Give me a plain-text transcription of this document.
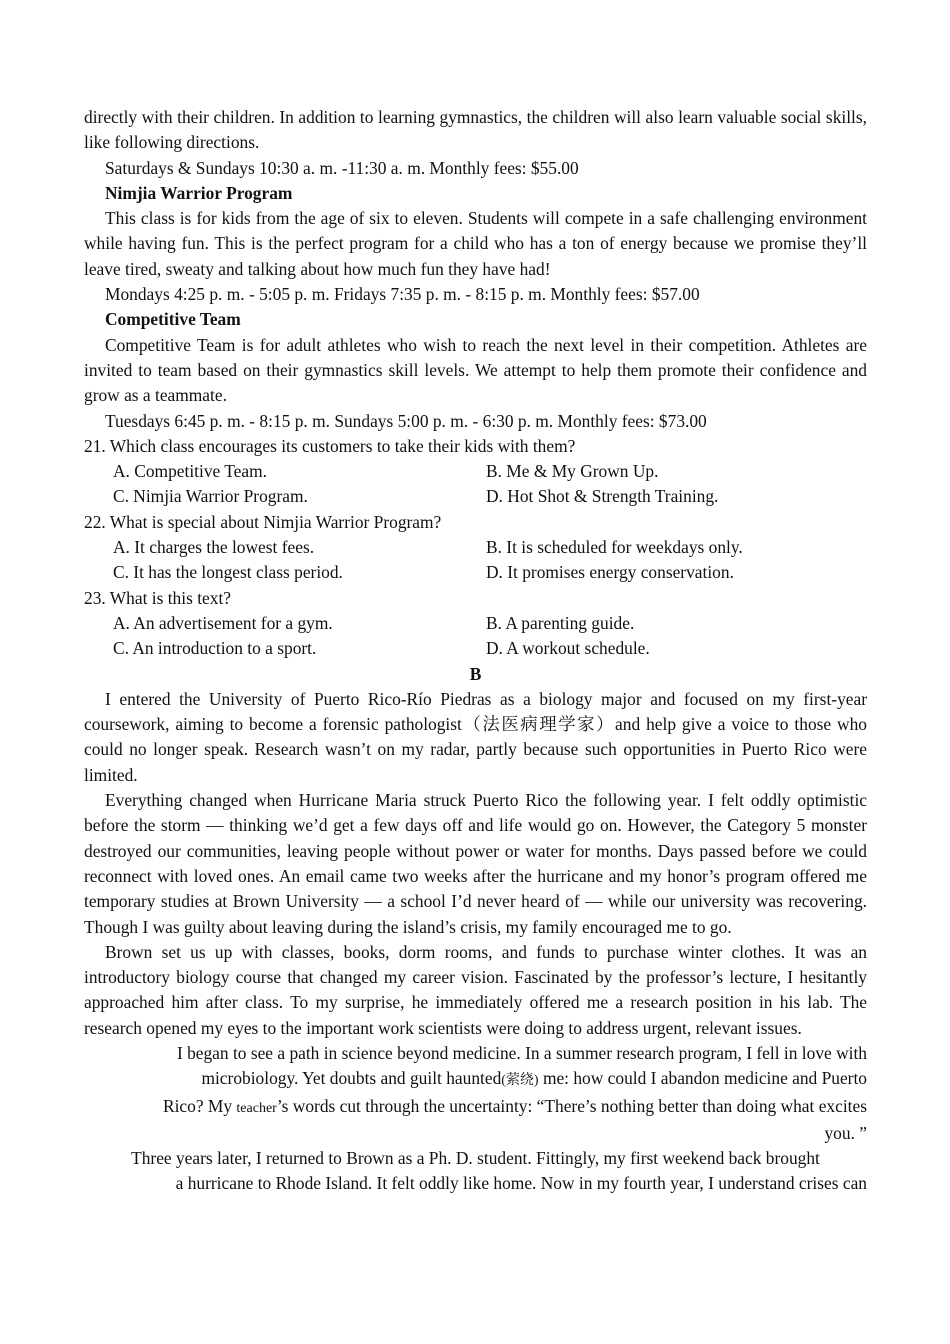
directly with their children. In addition to learning gymnastics, the children will also learn valuable social skills, like following directions.

Saturdays & Sundays 10:30 a. m. -11:30 a. m. Monthly fees: $55.00

Nimjia Warrior Program

This class is for kids from the age of six to eleven. Students will compete in a safe challenging environment while having fun. This is the perfect program for a child who has a ton of energy because we promise they’ll leave tired, sweaty and talking about how much fun they have had!

Mondays 4:25 p. m. - 5:05 p. m. Fridays 7:35 p. m. - 8:15 p. m. Monthly fees: $57.00

Competitive Team

Competitive Team is for adult athletes who wish to reach the next level in their competition. Athletes are invited to team based on their gymnastics skill levels. We attempt to help them promote their confidence and grow as a teammate.

Tuesdays 6:45 p. m. - 8:15 p. m. Sundays 5:00 p. m. - 6:30 p. m. Monthly fees: $73.00

21. Which class encourages its customers to take their kids with them?

A. Competitive Team.	B. Me & My Grown Up.
C. Nimjia Warrior Program.	D. Hot Shot & Strength Training.

22. What is special about Nimjia Warrior Program?

A. It charges the lowest fees.	B. It is scheduled for weekdays only.
C. It has the longest class period.	D. It promises energy conservation.

23. What is this text?

A. An advertisement for a gym.	B. A parenting guide.
C. An introduction to a sport.	D. A workout schedule.

B

I entered the University of Puerto Rico-Río Piedras as a biology major and focused on my first-year coursework, aiming to become a forensic pathologist（法医病理学家）and help give a voice to those who could no longer speak. Research wasn’t on my radar, partly because such opportunities in Puerto Rico were limited.

Everything changed when Hurricane Maria struck Puerto Rico the following year. I felt oddly optimistic before the storm — thinking we’d get a few days off and life would go on. However, the Category 5 monster destroyed our communities, leaving people without power or water for months. Days passed before we could reconnect with loved ones. An email came two weeks after the hurricane and my honor’s program offered me temporary studies at Brown University — a school I’d never heard of — while our university was recovering. Though I was guilty about leaving during the island’s crisis, my family encouraged me to go.

Brown set us up with classes, books, dorm rooms, and funds to purchase winter clothes. It was an introductory biology course that changed my career vision. Fascinated by the professor’s lecture, I hesitantly approached him after class. To my surprise, he immediately offered me a research position in his lab. The research opened my eyes to the important work scientists were doing to address urgent, relevant issues.

I began to see a path in science beyond medicine. In a summer research program, I fell in love with

microbiology. Yet doubts and guilt haunted(萦绕) me: how could I abandon medicine and Puerto

Rico? My teacher’s words cut through the uncertainty: “There’s nothing better than doing what excites

you. ”

Three years later, I returned to Brown as a Ph. D. student. Fittingly, my first weekend back brought

a hurricane to Rhode Island. It felt oddly like home. Now in my fourth year, I understand crises can
